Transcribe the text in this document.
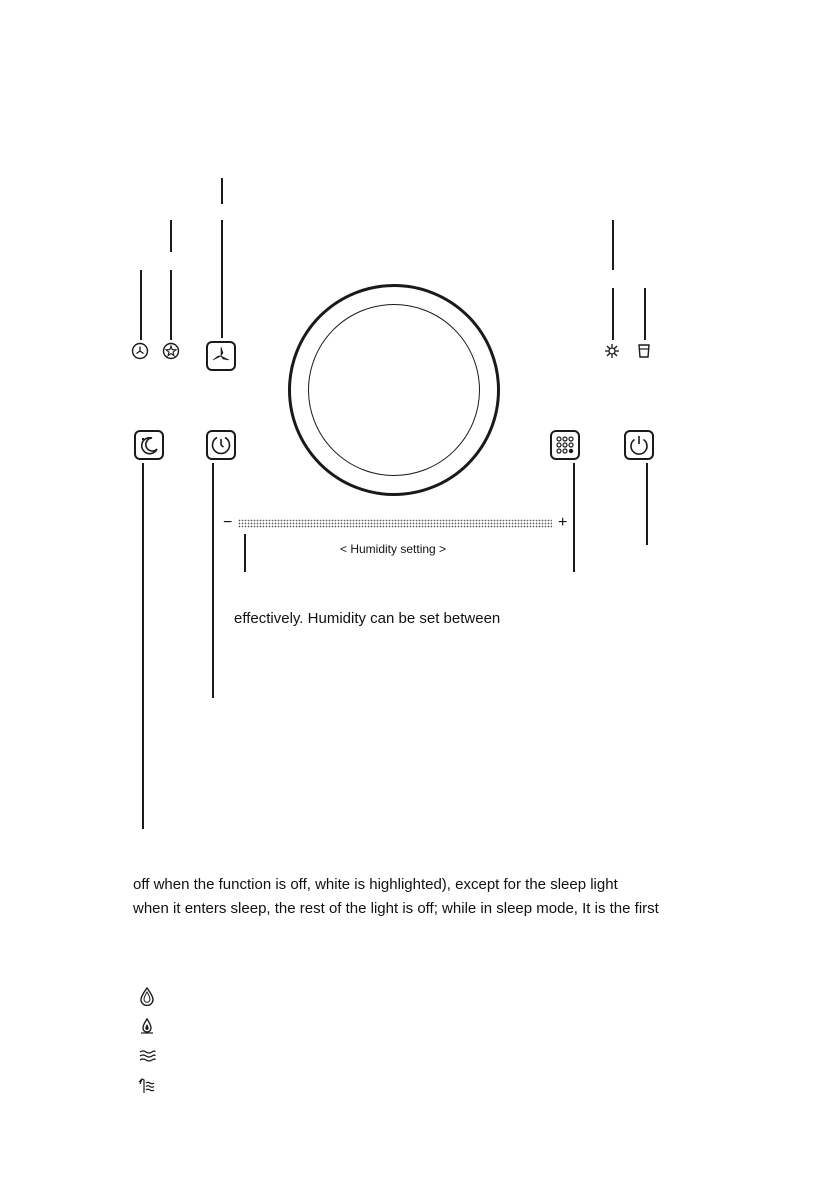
−	+
< Humidity setting >
effectively. Humidity can be set between
off when the function is off, white is highlighted), except for the sleep light
when it enters sleep, the rest of the light is off; while in sleep mode, It is the first
